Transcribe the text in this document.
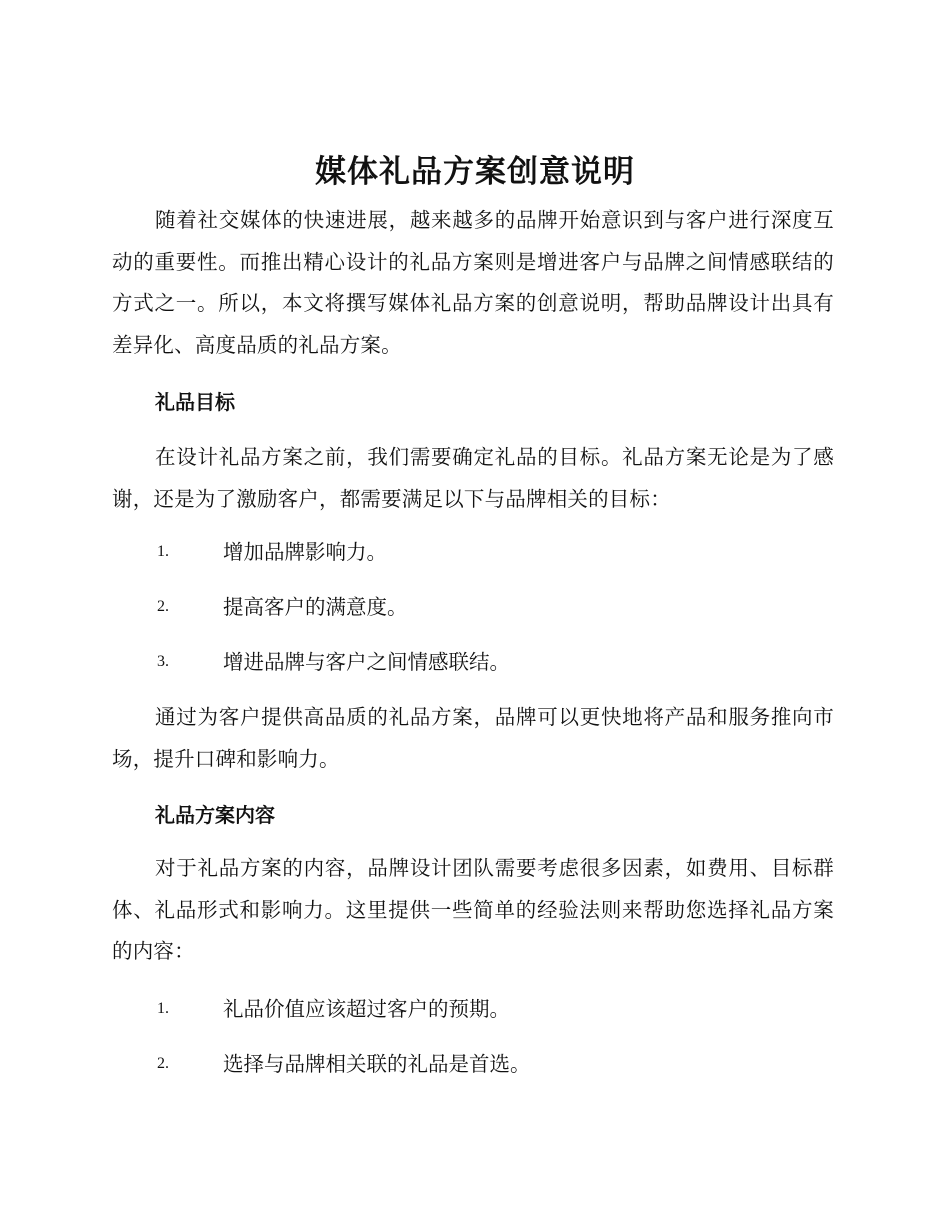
媒体礼品方案创意说明

随着社交媒体的快速进展，越来越多的品牌开始意识到与客户进行深度互动的重要性。而推出精心设计的礼品方案则是增进客户与品牌之间情感联结的方式之一。所以，本文将撰写媒体礼品方案的创意说明，帮助品牌设计出具有差异化、高度品质的礼品方案。

礼品目标

在设计礼品方案之前，我们需要确定礼品的目标。礼品方案无论是为了感谢，还是为了激励客户，都需要满足以下与品牌相关的目标：

1.	增加品牌影响力。
2.	提高客户的满意度。
3.	增进品牌与客户之间情感联结。

通过为客户提供高品质的礼品方案，品牌可以更快地将产品和服务推向市场，提升口碑和影响力。

礼品方案内容

对于礼品方案的内容，品牌设计团队需要考虑很多因素，如费用、目标群体、礼品形式和影响力。这里提供一些简单的经验法则来帮助您选择礼品方案的内容：

1.	礼品价值应该超过客户的预期。
2.	选择与品牌相关联的礼品是首选。
